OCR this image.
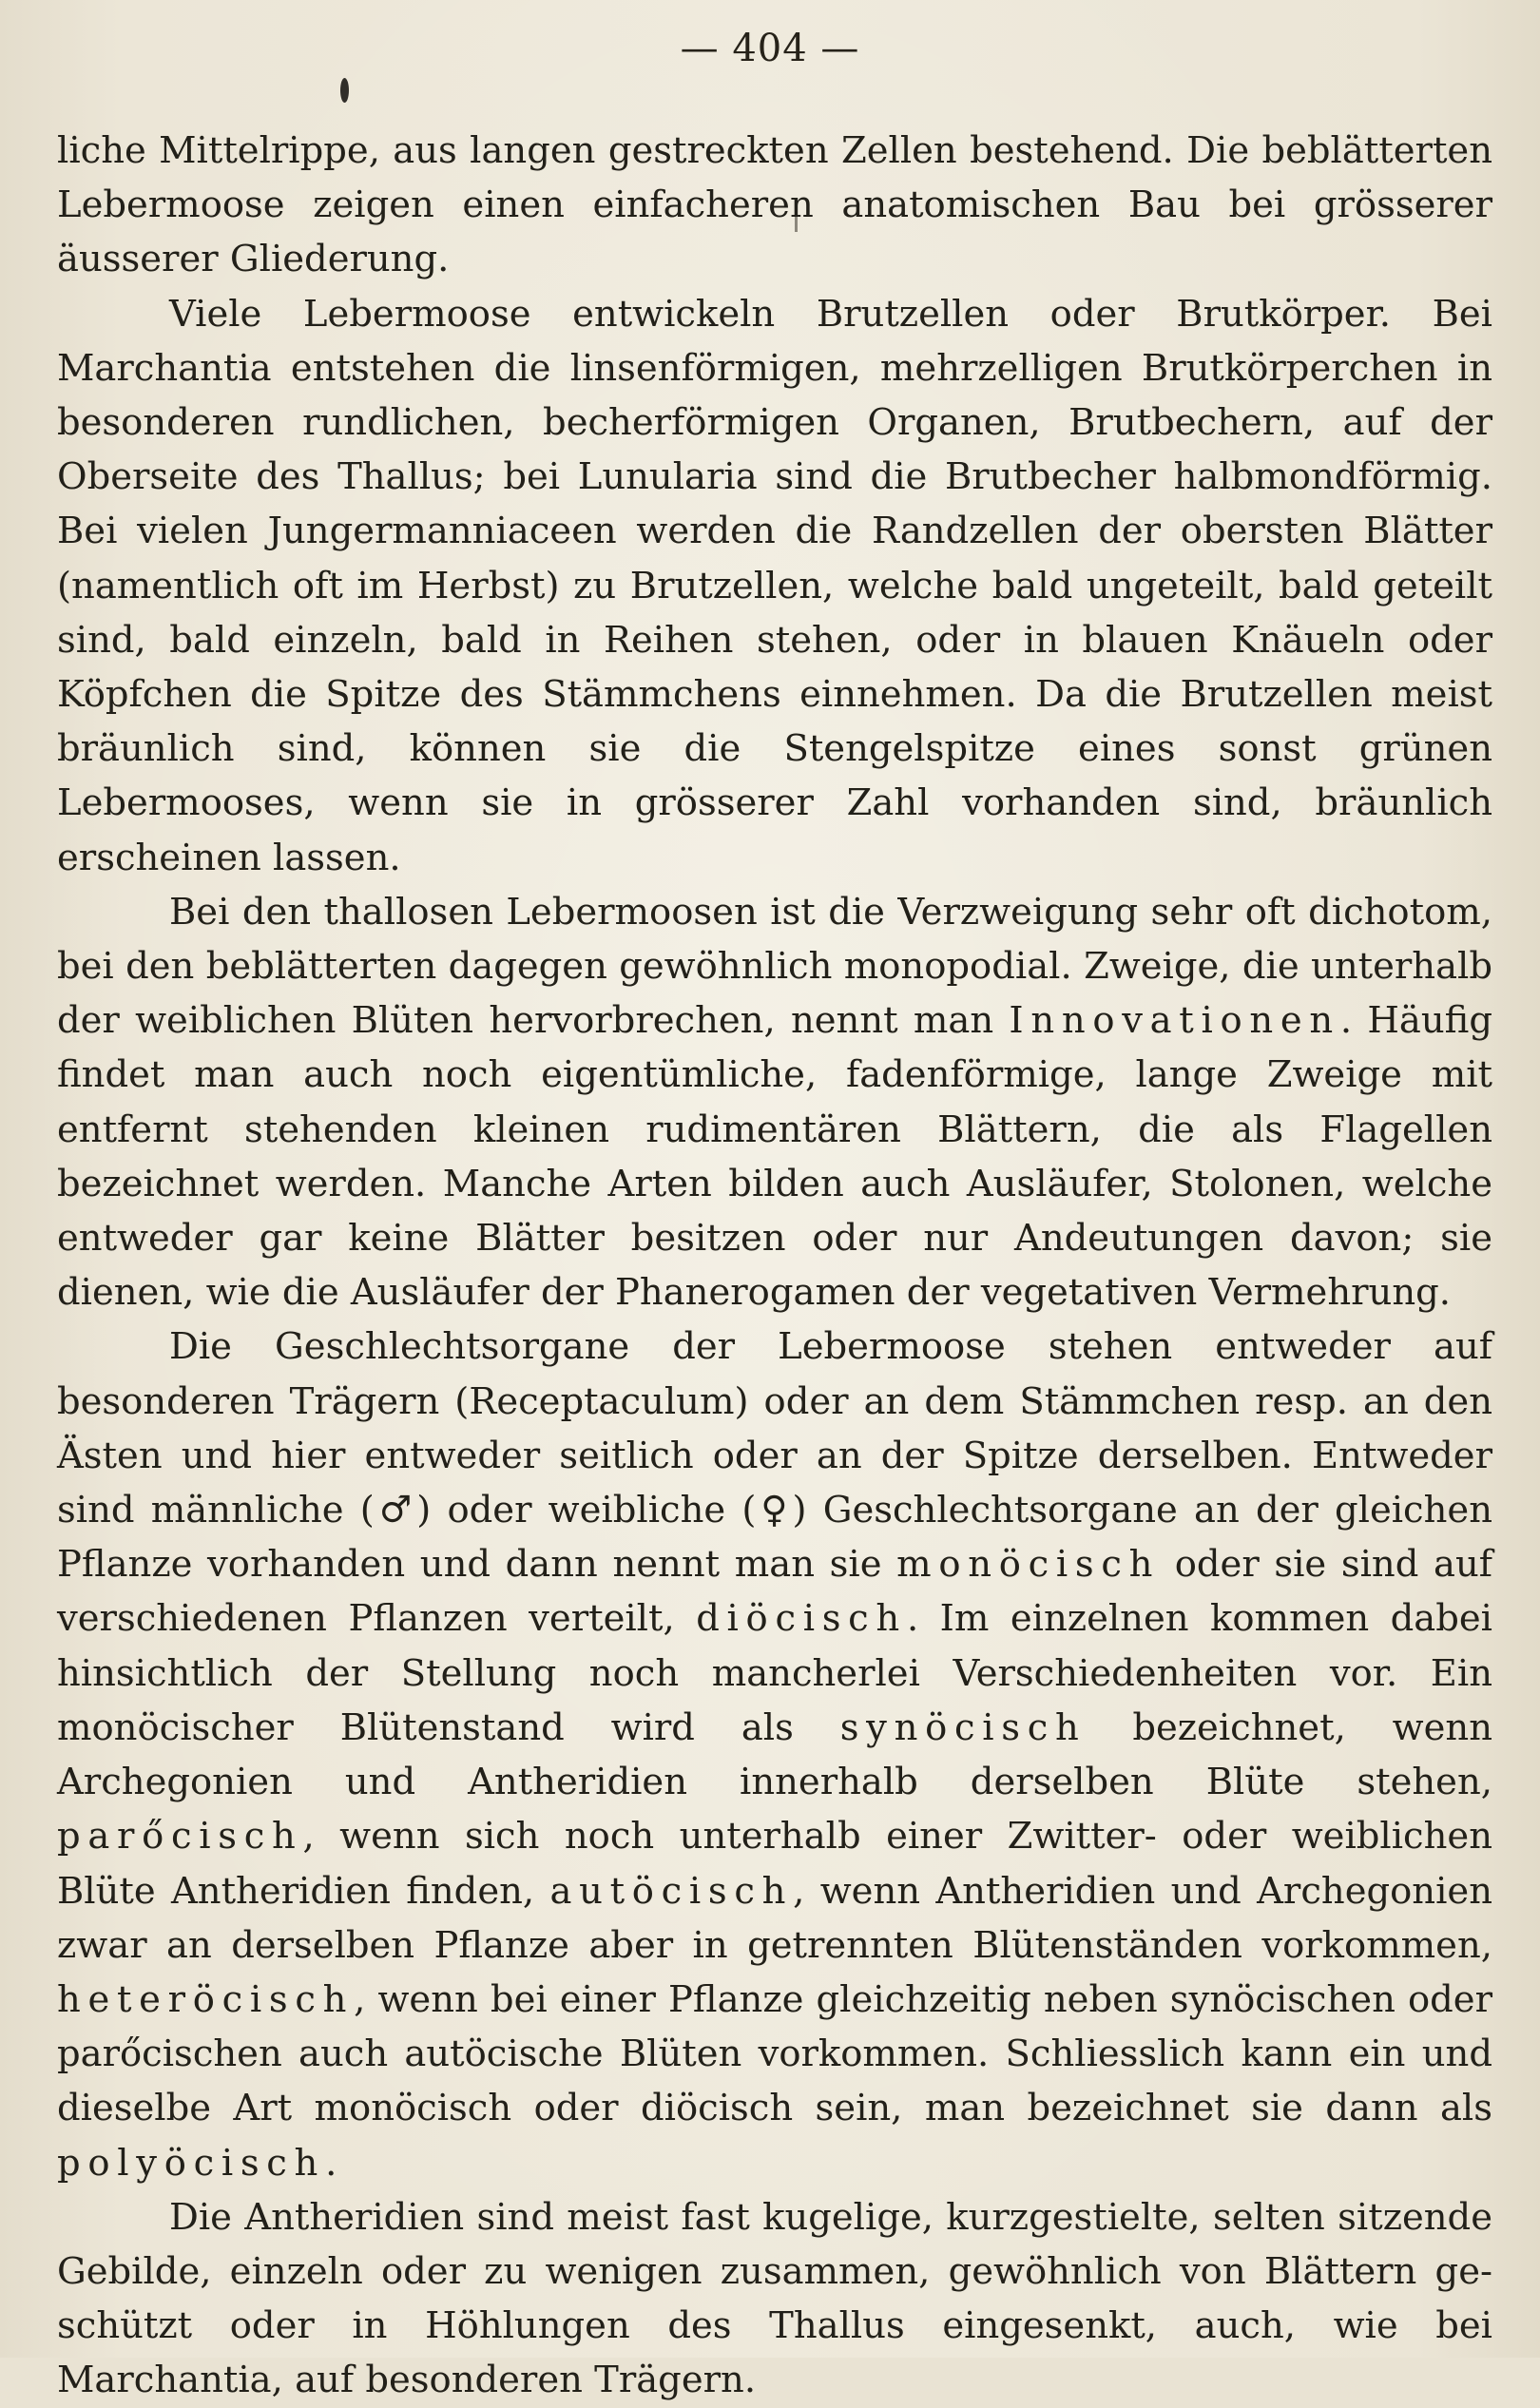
— 404 —

liche Mittelrippe, aus langen gestreckten Zellen bestehend. Die beblätterten Lebermoose zeigen einen einfacheren anatomischen Bau bei grösserer äusserer Gliederung.

Viele Lebermoose entwickeln Brutzellen oder Brutkörper. Bei Marchantia entstehen die linsenförmigen, mehrzelligen Brutkörperchen in besonderen rundlichen, becherförmigen Organen, Brutbechern, auf der Oberseite des Thallus; bei Lunularia sind die Brutbecher halbmondförmig. Bei vielen Jungermanniaceen werden die Randzellen der obersten Blätter (namentlich oft im Herbst) zu Brutzellen, welche bald ungeteilt, bald geteilt sind, bald einzeln, bald in Reihen stehen, oder in blauen Knäueln oder Köpfchen die Spitze des Stämmchens einnehmen. Da die Brutzellen meist bräunlich sind, können sie die Stengelspitze eines sonst grünen Lebermooses, wenn sie in grösserer Zahl vorhanden sind, bräunlich erscheinen lassen.

Bei den thallosen Lebermoosen ist die Verzweigung sehr oft dichotom, bei den beblätterten dagegen gewöhnlich monopodial. Zweige, die unterhalb der weiblichen Blüten hervorbrechen, nennt man Innovationen. Häufig findet man auch noch eigentümliche, fadenförmige, lange Zweige mit entfernt stehenden kleinen rudimentären Blättern, die als Flagellen bezeichnet werden. Manche Arten bilden auch Ausläufer, Stolonen, welche entweder gar keine Blätter besitzen oder nur Andeutungen davon; sie dienen, wie die Ausläufer der Phanerogamen der vegetativen Vermehrung.

Die Geschlechtsorgane der Lebermoose stehen entweder auf besonderen Trägern (Receptaculum) oder an dem Stämmchen resp. an den Ästen und hier entweder seitlich oder an der Spitze derselben. Entweder sind männliche (♂) oder weibliche (♀) Geschlechtsorgane an der gleichen Pflanze vorhanden und dann nennt man sie monöcisch oder sie sind auf verschiedenen Pflanzen verteilt, diöcisch. Im einzelnen kommen dabei hinsichtlich der Stellung noch mancherlei Verschiedenheiten vor. Ein monöcischer Blütenstand wird als synöcisch bezeichnet, wenn Archegonien und Antheridien innerhalb derselben Blüte stehen, parőcisch, wenn sich noch unterhalb einer Zwitter- oder weiblichen Blüte Antheridien finden, autöcisch, wenn Antheridien und Archegonien zwar an derselben Pflanze aber in getrennten Blütenständen vorkommen, heteröcisch, wenn bei einer Pflanze gleichzeitig neben synöcischen oder parőcischen auch autöcische Blüten vorkommen. Schliesslich kann ein und dieselbe Art monöcisch oder diöcisch sein, man bezeichnet sie dann als polyöcisch.

Die Antheridien sind meist fast kugelige, kurzgestielte, selten sitzende Gebilde, einzeln oder zu wenigen zusammen, gewöhnlich von Blättern geschützt oder in Höhlungen des Thallus eingesenkt, auch, wie bei Marchantia, auf besonderen Trägern.
